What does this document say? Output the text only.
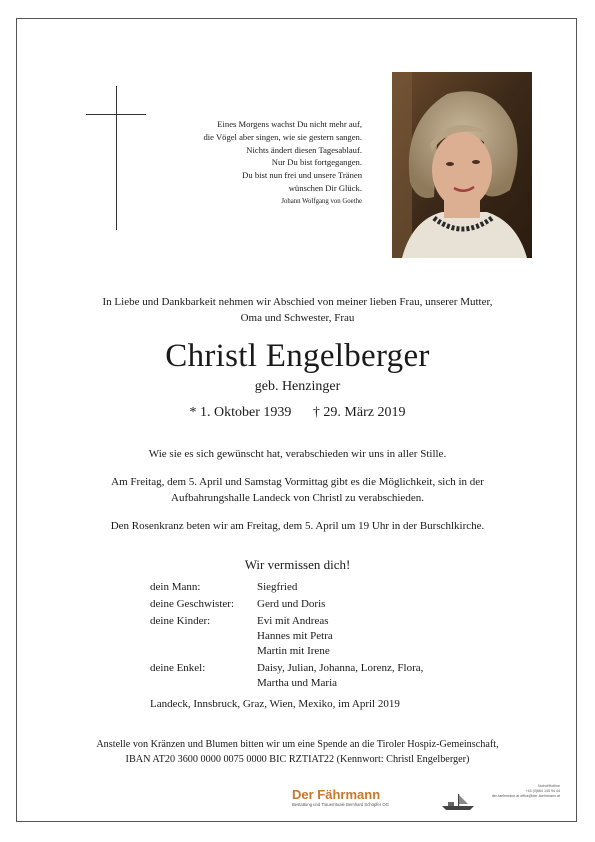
Eines Morgens wachst Du nicht mehr auf,
die Vögel aber singen, wie sie gestern sangen.
Nichts ändert diesen Tagesablauf.
Nur Du bist fortgegangen.
Du bist nun frei und unsere Tränen
wünschen Dir Glück.
Johann Wolfgang von Goethe
In Liebe und Dankbarkeit nehmen wir Abschied von meiner lieben Frau, unserer Mutter,
Oma und Schwester, Frau
Christl Engelberger
geb. Henzinger
* 1. Oktober 1939 † 29. März 2019
Wie sie es sich gewünscht hat, verabschieden wir uns in aller Stille.
Am Freitag, dem 5. April und Samstag Vormittag gibt es die Möglichkeit, sich in der
Aufbahrungshalle Landeck von Christl zu verabschieden.
Den Rosenkranz beten wir am Freitag, dem 5. April um 19 Uhr in der Burschlkirche.
Wir vermissen dich!
dein Mann:	Siegfried
deine Geschwister:	Gerd und Doris
deine Kinder:	Evi mit Andreas
Hannes mit Petra
Martin mit Irene
deine Enkel:	Daisy, Julian, Johanna, Lorenz, Flora,
Martha und Maria
Landeck, Innsbruck, Graz, Wien, Mexiko, im April 2019
Anstelle von Kränzen und Blumen bitten wir um eine Spende an die Tiroler Hospiz-Gemeinschaft,
IBAN AT20 3600 0000 0075 0000 BIC RZTIAT22 (Kennwort: Christl Engelberger)
Der Fährmann
Bestattung und Trauerrituale Bernhard Schöpfer OG
Notruf/Hotline
+43 (0)664 145 94 44
der-faehrmann.at office@der-faehrmann.at
